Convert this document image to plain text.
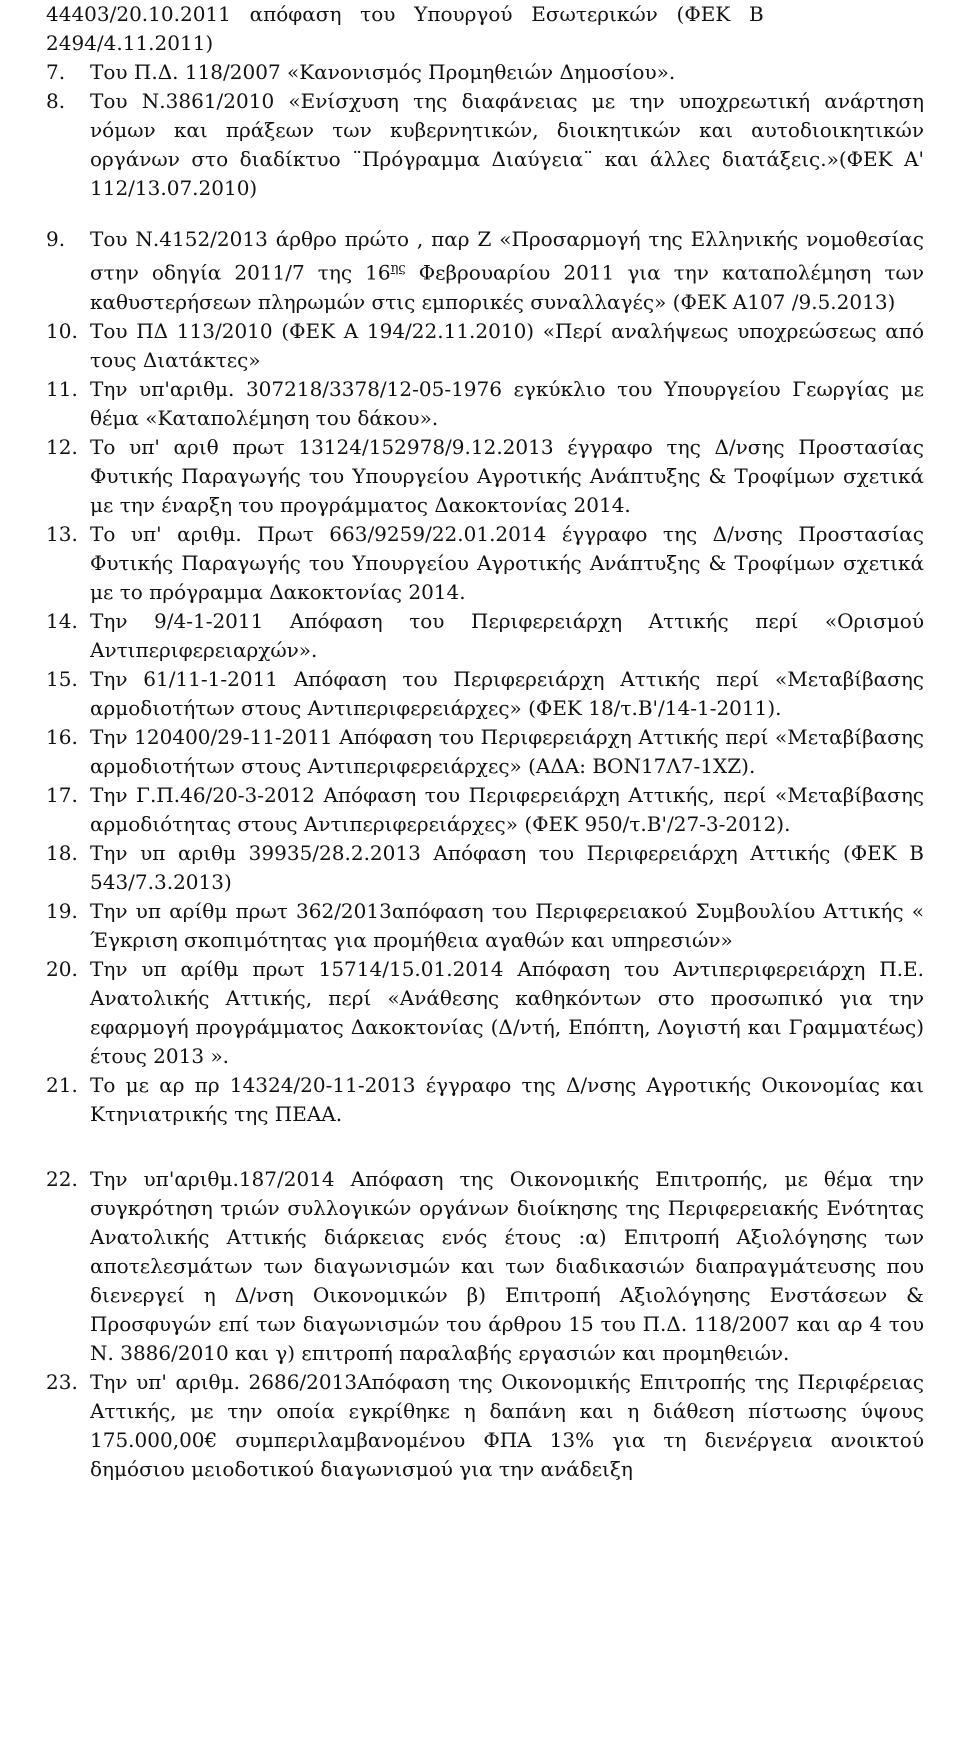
44403/20.10.2011  απόφαση  του  Υπουργού  Εσωτερικών  (ΦΕΚ  Β
2494/4.11.2011)
7.	Του Π.Δ. 118/2007 «Κανονισμός Προμηθειών Δημοσίου».
8.	Του Ν.3861/2010 «Ενίσχυση της διαφάνειας με την υποχρεωτική ανάρτηση νόμων και πράξεων των κυβερνητικών, διοικητικών και αυτοδιοικητικών οργάνων στο διαδίκτυο ¨Πρόγραμμα Διαύγεια¨ και άλλες διατάξεις.»(ΦΕΚ Α' 112/13.07.2010)
9.	Του Ν.4152/2013 άρθρο πρώτο , παρ Ζ «Προσαρμογή της Ελληνικής νομοθεσίας στην οδηγία 2011/7 της $16^{\eta\varsigma}$ Φεβρουαρίου 2011 για την καταπολέμηση των καθυστερήσεων πληρωμών στις εμπορικές συναλλαγές» (ΦΕΚ Α107 /9.5.2013)
10. Του ΠΔ 113/2010 (ΦΕΚ Α 194/22.11.2010) «Περί αναλήψεως υποχρεώσεως από τους Διατάκτες»
11. Την υπ'αριθμ. 307218/3378/12-05-1976 εγκύκλιο του Υπουργείου Γεωργίας με θέμα «Καταπολέμηση του δάκου».
12. Το υπ' αριθ πρωτ 13124/152978/9.12.2013 έγγραφο της Δ/νσης Προστασίας Φυτικής Παραγωγής του Υπουργείου Αγροτικής Ανάπτυξης & Τροφίμων σχετικά με την έναρξη του προγράμματος Δακοκτονίας 2014.
13. Το υπ' αριθμ. Πρωτ 663/9259/22.01.2014 έγγραφο της Δ/νσης Προστασίας Φυτικής Παραγωγής του Υπουργείου Αγροτικής Ανάπτυξης & Τροφίμων σχετικά με το πρόγραμμα Δακοκτονίας 2014.
14. Την 9/4-1-2011 Απόφαση του Περιφερειάρχη Αττικής περί «Ορισμού Αντιπεριφερειαρχών».
15. Την 61/11-1-2011 Απόφαση του Περιφερειάρχη Αττικής περί «Μεταβίβασης αρμοδιοτήτων στους Αντιπεριφερειάρχες» (ΦΕΚ 18/τ.Β'/14-1-2011).
16. Την 120400/29-11-2011 Απόφαση του Περιφερειάρχη Αττικής περί «Μεταβίβασης αρμοδιοτήτων στους Αντιπεριφερειάρχες» (ΑΔΑ: ΒΟΝ17Λ7-1ΧΖ).
17. Την Γ.Π.46/20-3-2012 Απόφαση του Περιφερειάρχη Αττικής, περί «Μεταβίβασης αρμοδιότητας στους Αντιπεριφερειάρχες» (ΦΕΚ 950/τ.Β'/27-3-2012).
18. Την υπ αριθμ 39935/28.2.2013 Απόφαση του Περιφερειάρχη Αττικής (ΦΕΚ Β 543/7.3.2013)
19. Την υπ αρίθμ πρωτ 362/2013απόφαση του Περιφερειακού Συμβουλίου Αττικής « Έγκριση σκοπιμότητας για προμήθεια αγαθών και υπηρεσιών»
20. Την υπ αρίθμ πρωτ 15714/15.01.2014 Απόφαση του Αντιπεριφερειάρχη Π.Ε. Ανατολικής Αττικής, περί «Ανάθεσης καθηκόντων στο προσωπικό για την εφαρμογή προγράμματος Δακοκτονίας (Δ/ντή, Επόπτη, Λογιστή και Γραμματέως) έτους 2013 ».
21. Το με αρ πρ 14324/20-11-2013 έγγραφο της Δ/νσης Αγροτικής Οικονομίας και Κτηνιατρικής της ΠΕΑΑ.
22. Την υπ'αριθμ.187/2014 Απόφαση της Οικονομικής Επιτροπής, με θέμα την συγκρότηση τριών συλλογικών οργάνων διοίκησης της Περιφερειακής Ενότητας Ανατολικής Αττικής διάρκειας ενός έτους :α) Επιτροπή Αξιολόγησης των αποτελεσμάτων των διαγωνισμών και των διαδικασιών διαπραγμάτευσης που διενεργεί η Δ/νση Οικονομικών β) Επιτροπή Αξιολόγησης Ενστάσεων & Προσφυγών επί των διαγωνισμών του άρθρου 15 του Π.Δ. 118/2007 και αρ 4 του Ν. 3886/2010 και γ) επιτροπή παραλαβής εργασιών και προμηθειών.
23. Την υπ' αριθμ. 2686/2013Απόφαση της Οικονομικής Επιτροπής της Περιφέρειας Αττικής, με την οποία εγκρίθηκε η δαπάνη και η διάθεση πίστωσης ύψους 175.000,00€ συμπεριλαμβανομένου ΦΠΑ 13% για τη διενέργεια ανοικτού δημόσιου μειοδοτικού διαγωνισμού για την ανάδειξη
